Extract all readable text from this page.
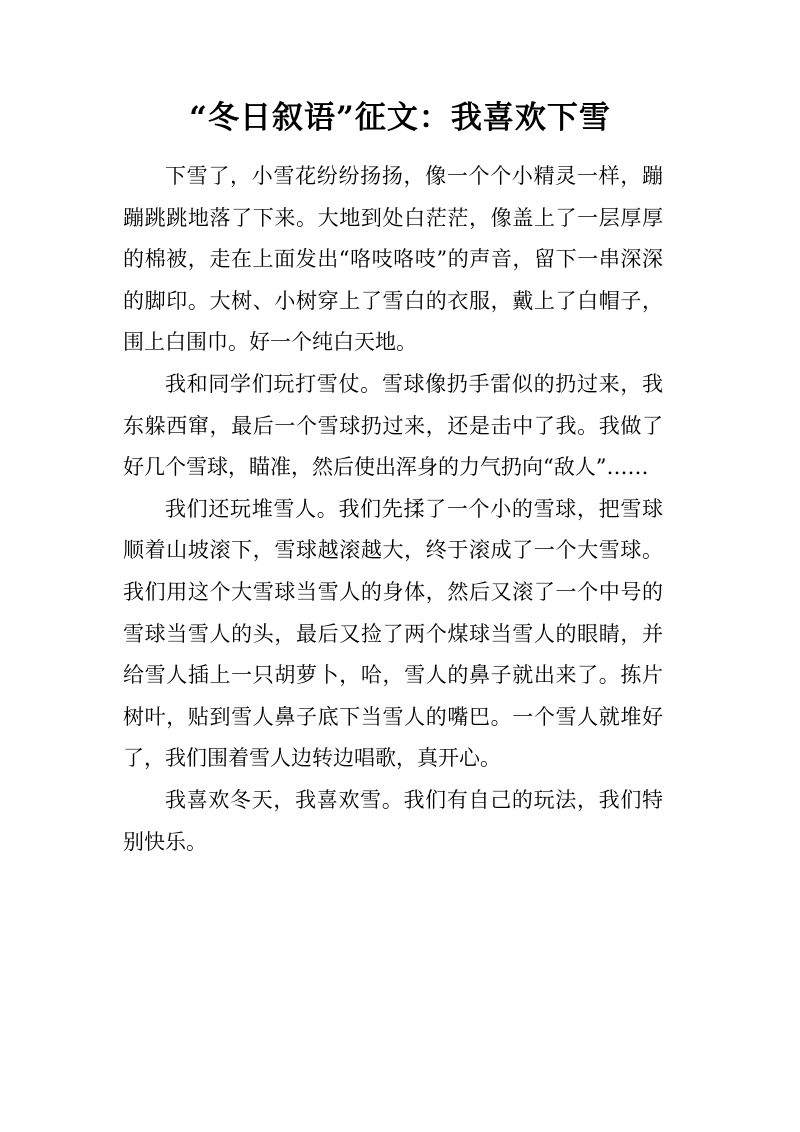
“冬日叙语”征文：我喜欢下雪

下雪了，小雪花纷纷扬扬，像一个个小精灵一样，蹦蹦跳跳地落了下来。大地到处白茫茫，像盖上了一层厚厚的棉被，走在上面发出“咯吱咯吱”的声音，留下一串深深的脚印。大树、小树穿上了雪白的衣服，戴上了白帽子，围上白围巾。好一个纯白天地。

我和同学们玩打雪仗。雪球像扔手雷似的扔过来，我东躲西窜，最后一个雪球扔过来，还是击中了我。我做了好几个雪球，瞄准，然后使出浑身的力气扔向“敌人”……

我们还玩堆雪人。我们先揉了一个小的雪球，把雪球顺着山坡滚下，雪球越滚越大，终于滚成了一个大雪球。我们用这个大雪球当雪人的身体，然后又滚了一个中号的雪球当雪人的头，最后又捡了两个煤球当雪人的眼睛，并给雪人插上一只胡萝卜，哈，雪人的鼻子就出来了。拣片树叶，贴到雪人鼻子底下当雪人的嘴巴。一个雪人就堆好了，我们围着雪人边转边唱歌，真开心。

我喜欢冬天，我喜欢雪。我们有自己的玩法，我们特别快乐。
